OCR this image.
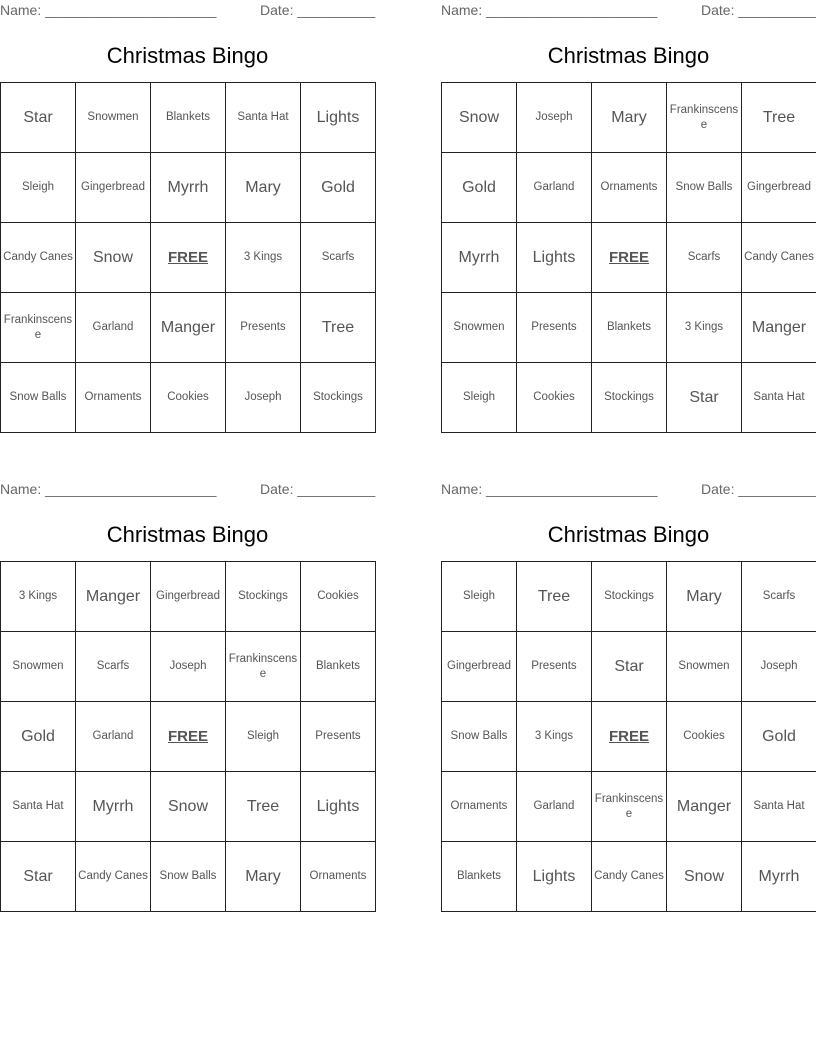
Name: ______________________	Date: __________
Christmas Bingo
Star	Snowmen	Blankets	Santa Hat	Lights
Sleigh	Gingerbread	Myrrh	Mary	Gold
Candy Canes	Snow	FREE	3 Kings	Scarfs
Frankinscense	Garland	Manger	Presents	Tree
Snow Balls	Ornaments	Cookies	Joseph	Stockings
Name: ______________________	Date: __________
Christmas Bingo
Snow	Joseph	Mary	Frankinscense	Tree
Gold	Garland	Ornaments	Snow Balls	Gingerbread
Myrrh	Lights	FREE	Scarfs	Candy Canes
Snowmen	Presents	Blankets	3 Kings	Manger
Sleigh	Cookies	Stockings	Star	Santa Hat
Name: ______________________	Date: __________
Christmas Bingo
3 Kings	Manger	Gingerbread	Stockings	Cookies
Snowmen	Scarfs	Joseph	Frankinscense	Blankets
Gold	Garland	FREE	Sleigh	Presents
Santa Hat	Myrrh	Snow	Tree	Lights
Star	Candy Canes	Snow Balls	Mary	Ornaments
Name: ______________________	Date: __________
Christmas Bingo
Sleigh	Tree	Stockings	Mary	Scarfs
Gingerbread	Presents	Star	Snowmen	Joseph
Snow Balls	3 Kings	FREE	Cookies	Gold
Ornaments	Garland	Frankinscense	Manger	Santa Hat
Blankets	Lights	Candy Canes	Snow	Myrrh
